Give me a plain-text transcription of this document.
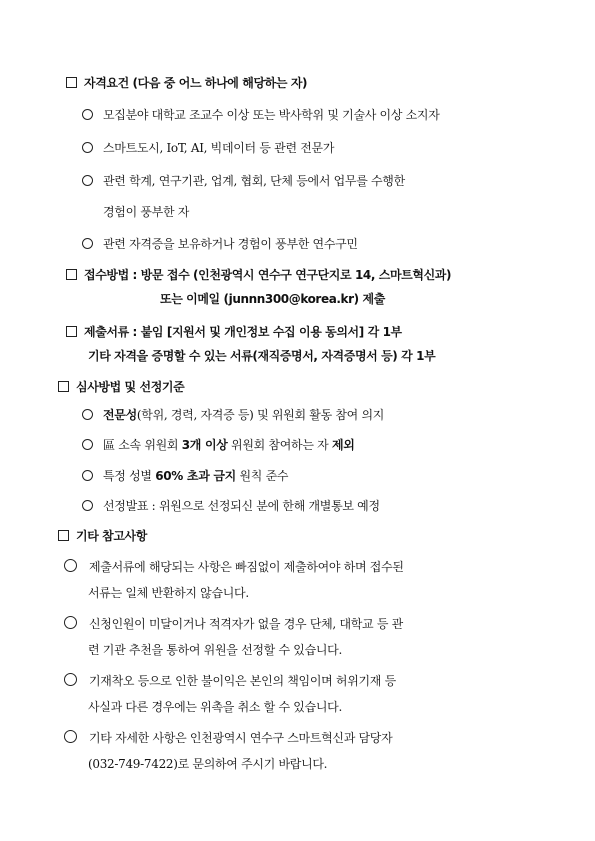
자격요건 (다음 중 어느 하나에 해당하는 자)
모집분야 대학교 조교수 이상 또는 박사학위 및 기술사 이상 소지자
스마트도시, IoT, AI, 빅데이터 등 관련 전문가
관련 학계, 연구기관, 업계, 협회, 단체 등에서 업무를 수행한
경험이 풍부한 자
관련 자격증을 보유하거나 경험이 풍부한 연수구민
접수방법 : 방문 접수 (인천광역시 연수구 연구단지로 14, 스마트혁신과)
또는 이메일 (junnn300@korea.kr) 제출
제출서류 : 붙임 [지원서 및 개인정보 수집 이용 동의서] 각 1부
기타 자격을 증명할 수 있는 서류(재직증명서, 자격증명서 등) 각 1부
심사방법 및 선정기준
전문성(학위, 경력, 자격증 등) 및 위원회 활동 참여 의지
區 소속 위원회 3개 이상 위원회 참여하는 자 제외
특정 성별 60% 초과 금지 원칙 준수
선정발표 : 위원으로 선정되신 분에 한해 개별통보 예정
기타 참고사항
제출서류에 해당되는 사항은 빠짐없이 제출하여야 하며 접수된
서류는 일체 반환하지 않습니다.
신청인원이 미달이거나 적격자가 없을 경우 단체, 대학교 등 관
련 기관 추천을 통하여 위원을 선정할 수 있습니다.
기재착오 등으로 인한 불이익은 본인의 책임이며 허위기재 등
사실과 다른 경우에는 위촉을 취소 할 수 있습니다.
기타 자세한 사항은 인천광역시 연수구 스마트혁신과 담당자
(032-749-7422)로 문의하여 주시기 바랍니다.
